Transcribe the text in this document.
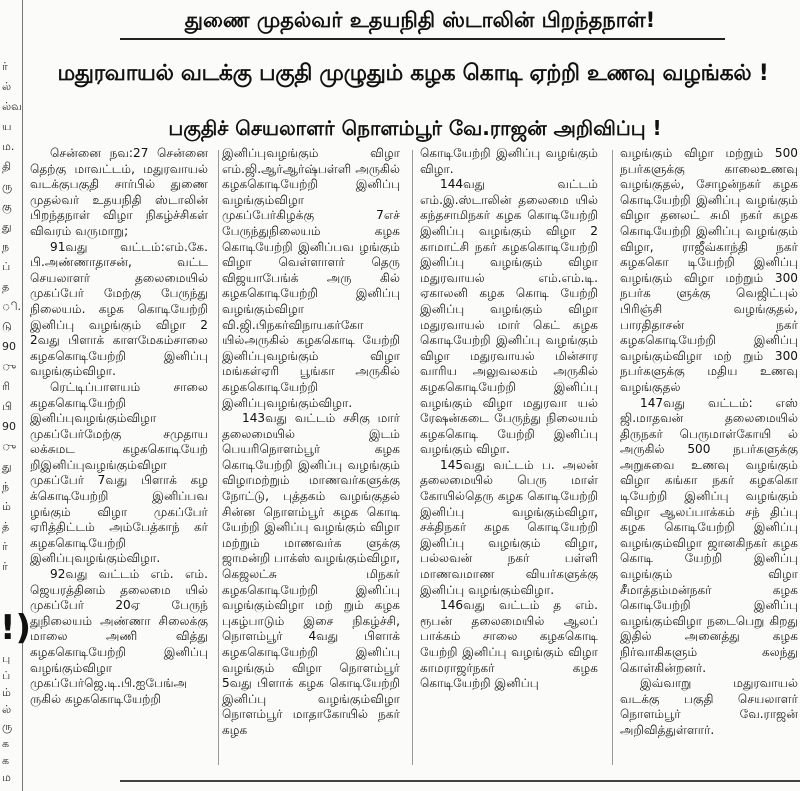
ர்
ல்
ல்வ
ய
ம.
தி
ரு
கு
து
ந
ப்
த
ி.
டு
90
ு
ரி
பி
90
ு
து
ந்
ம்
த்
ர்
ர்
!)
பு
ப்
ம்
ல்
ரு
க
க
ம
துணை முதல்வர் உதயநிதி ஸ்டாலின் பிறந்தநாள்!
மதுரவாயல் வடக்கு பகுதி முழுதும் கழக கொடி ஏற்றி உணவு வழங்கல் !
பகுதிச் செயலாளர் நொளம்பூர் வே.ராஜன் அறிவிப்பு !

சென்னை நவ:27 சென்னை தெற்கு மாவட்டம், மதுரவாயல் வடக்குபகுதி சார்பில் துணை முதல்வர் உதயநிதி ஸ்டாலின் பிறந்தநாள் விழா நிகழ்ச்சிகள் விவரம் வருமாறு;

91வது வட்டம்:எம்.கே. பி.அண்ணாதாசன், வட்ட செயலாளர் தலைமையில் முகப்பேர் மேற்கு பேருந்து நிலையம். கழக கொடியேற்றி இனிப்பு வழங்கும் விழா 2 2வது பிளாக் காளமேகம்சாலை கழககொடியேற்றி இனிப்பு வழங்கும்விழா.

ரெட்டிப்பாளயம் சாலை கழககொடியேற்றி இனிப்புவழங்கும்விழா முகப்பேர்மேற்கு சமுதாய லக்சுமட கழககொடியேற் றிஇனிப்புவழங்கும்விழா முகப்பேர் 7வது பிளாக் கழ க்கொடியேற்றி இனிப்பவ ழங்கும் விழா முகப்பேர் ஏரித்திட்டம் அம்பேத்காந் கர் கழககொடியேற்றி இனிப்புவழங்கும்விழா.

92வது வட்டம் எம். எம். ஜெயரத்தினம் தலைமை யில் முகப்பேர் 20ஏ பேருந் துநிலையம் அண்ணா சிலைக்கு மாலை அணி வித்து கழககொடியேற்றி இனிப்பு வழங்கும்விழா முகப்பேர்ஜெ.டி.பி.ஐபேங்அ ருகில் கழககொடியேற்றி

இனிப்புவழங்கும் விழா எம்.ஜி.ஆர்ஆர்ஷ்பள்ளி அருகில் கழககொடியேற்றி இனிப்பு வழங்கும்விழா முகப்பேர்கிழக்கு 7எச் பேருந்துநிலையம் கழக கொடியேற்றி இனிப்பவ ழங்கும் விழா வெள்ளாளர் தெரு விஜயாபேங்க் அரு கில் கழககொடியேற்றி இனிப்பு வழங்கும்விழா வி.ஜி.பிநகர்விநாயகர்கோ யில்அருகில் கழககொடி யேற்றி இனிப்புவழங்கும் விழா மங்கள்ஏரி பூங்கா அருகில் கழககொடியேற்றி இனிப்புவழங்கும்விழா.

143வது வட்டம் சசிகு மார் தலைமையில் இடம் பெயரிநொளம்பூர் கழக கொடியேற்றி இனிப்பு வழங்கும் விழாமற்றும் மாணவர்களுக்கு நோட்டு, புத்தகம் வழங்குதல் சின்ன நொளம்பூர் கழக கொடி யேற்றி இனிப்பு வழங்கும் விழா மற்றும் மாணவர்க ளுக்கு ஜாமன்றி பாக்ஸ் வழங்கும்விழா, கெஜலட்சு மிநகர் கழககொடியேற்றி இனிப்பு வழங்கும்விழா மற் றும் கழக புகழ்பாடும் இசை நிகழ்ச்சி, நொளம்பூர் 4வது பிளாக் கழககொடியேற்றி இனிப்பு வழங்கும் விழா நொளம்பூர் 5வது பிளாக் கழக கொடியேற்றி இனிப்பு வழங்கும்விழா நொளம்பூர் மாதாகோயில் நகர் கழக

கொடியேற்றி இனிப்பு வழங்கும் விழா.

144வது வட்டம் எம்.இ.ஸ்டாலின் தலைமை யில் கந்தசாமிநகர் கழக கொடியேற்றி இனிப்பு வழங்கும் விழா 2 காமாட்சி நகர் கழககொடியேற்றி இனிப்பு வழங்கும் விழா மதுரவாயல் எம்.எம்.டி. ஏகாலனி கழக கொடி யேற்றி இனிப்பு வழங்கும் விழா மதுரவாயல் மார் கெட் கழக கொடியேற்றி இனிப்பு வழங்கும் விழா மதுரவாயல் மின்சார வாரிய அலுவலகம் அருகில் கழககொடியேற்றி இனிப்பு வழங்கும் விழா மதுரவா யல் ரேஷன்கடை பேருந்து நிலையம் கழககொடி யேற்றி இனிப்பு வழங்கும் விழா.

145வது வட்டம் ப. அலன் தலைமையில் பெரு மாள் கோயில்தெரு கழக கொடியேற்றி இனிப்பு வழங்கும்விழா, சக்திநகர் கழக கொடியேற்றி இனிப்பு வழங்கும் விழா, பல்லவன் நகர் பள்ளி மாணவமாண வியர்களுக்கு இனிப்பு வழங்கும்விழா.

146வது வட்டம் த எம். ரூபன் தலைமையில் ஆலப் பாக்கம் சாலை கழககொடி யேற்றி இனிப்பு வழங்கும் விழா காமராஜர்நகர் கழக கொடியேற்றி இனிப்பு

வழங்கும் விழா மற்றும் 500 நபர்களுக்கு காலைஉணவு வழங்குதல், சோழன்நகர் கழக கொடியேற்றி இனிப்பு வழங்கும் விழா தனலட் சுமி நகர் கழக கொடியேற்றி இனிப்பு வழங்கும் விழா, ராஜீவ்காந்தி நகர் கழககொ டியேற்றி இனிப்பு வழங்கும் விழா மற்றும் 300 நபர்க ளுக்கு வெஜிட்புல் பிரிஞ்சி வழங்குதல், பாரதிதாசன் நகர் கழககொடியேற்றி இனிப்பு வழங்கும்விழா மற் றும் 300 நபர்களுக்கு மதிய உணவு வழங்குதல்

147வது வட்டம்: எஸ் ஜி.மாதவன் தலைமையில் திருநகர் பெருமாள்கோயி ல் அருகில் 500 நபர்களுக்கு அறுசுவை உணவு வழங்கும் விழா கங்கா நகர் கழககொ டியேற்றி இனிப்பு வழங்கும் விழா ஆலப்பாக்கம் சந் திப்பு கழக கொடியேற்றி இனிப்பு வழங்கும்விழா ஜானகிநகர் கழக கொடி யேற்றி இனிப்பு வழங்கும் விழா சீமாத்தம்மன்நகர் கழக கொடியேற்றி இனிப்பு வழங்கும்விழா நடைபெறு கிறது இதில் அனைத்து கழக நிர்வாகிகளும் கலந்து கொள்கின்றனர்.

இவ்வாறு மதுரவாயல் வடக்கு பகுதி செயலாளர் நொளம்பூர் வே.ராஜன் அறிவித்துள்ளார்.
